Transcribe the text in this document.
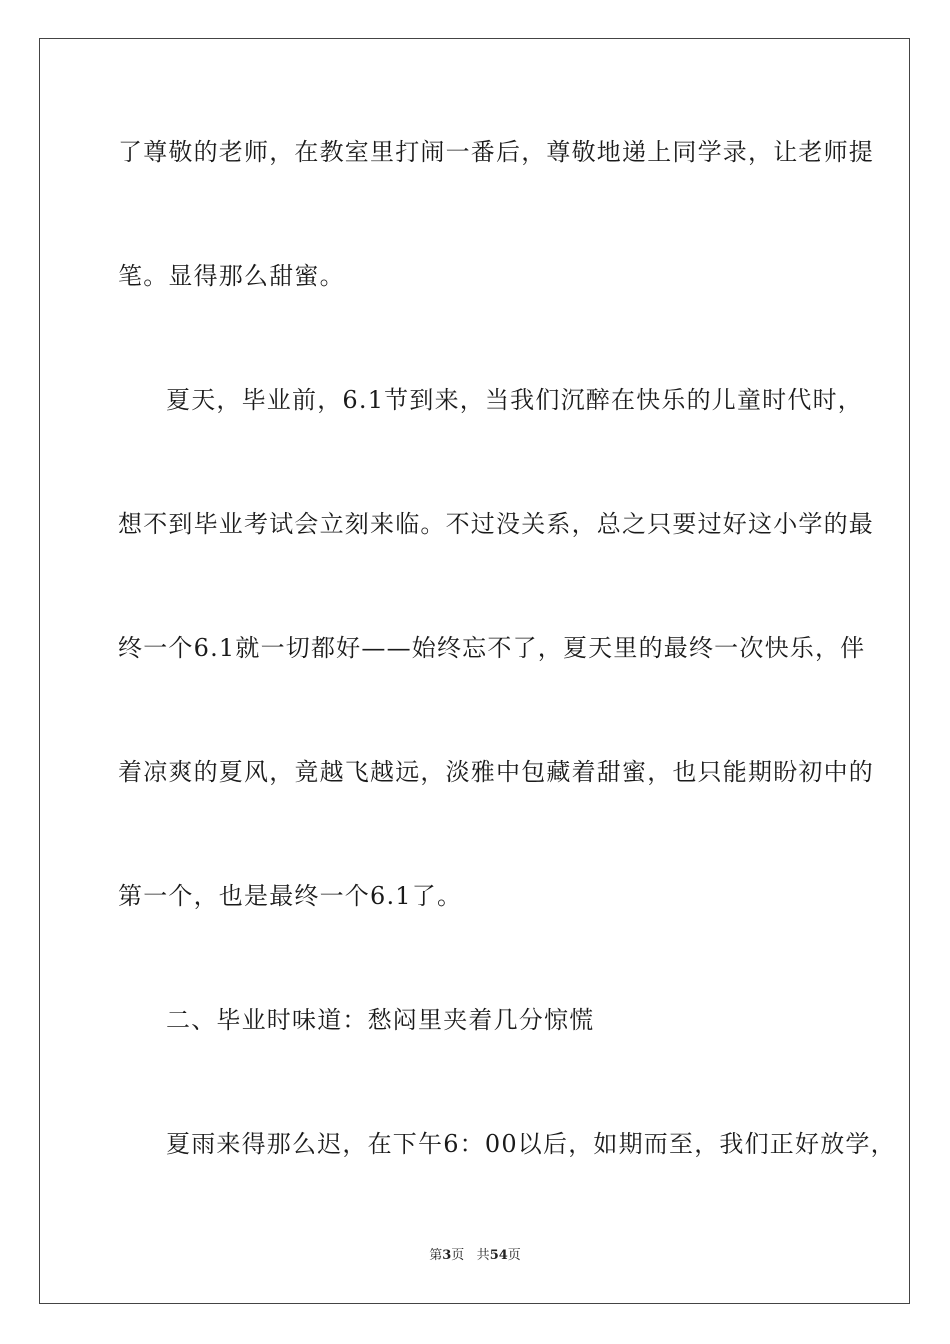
了尊敬的老师，在教室里打闹一番后，尊敬地递上同学录，让老师提
笔。显得那么甜蜜。
夏天，毕业前，6.1节到来，当我们沉醉在快乐的儿童时代时，
想不到毕业考试会立刻来临。不过没关系，总之只要过好这小学的最
终一个6.1就一切都好——始终忘不了，夏天里的最终一次快乐，伴
着凉爽的夏风，竟越飞越远，淡雅中包藏着甜蜜，也只能期盼初中的
第一个，也是最终一个6.1了。
二、毕业时味道：愁闷里夹着几分惊慌
夏雨来得那么迟，在下午6：00以后，如期而至，我们正好放学，
第3页 共54页
